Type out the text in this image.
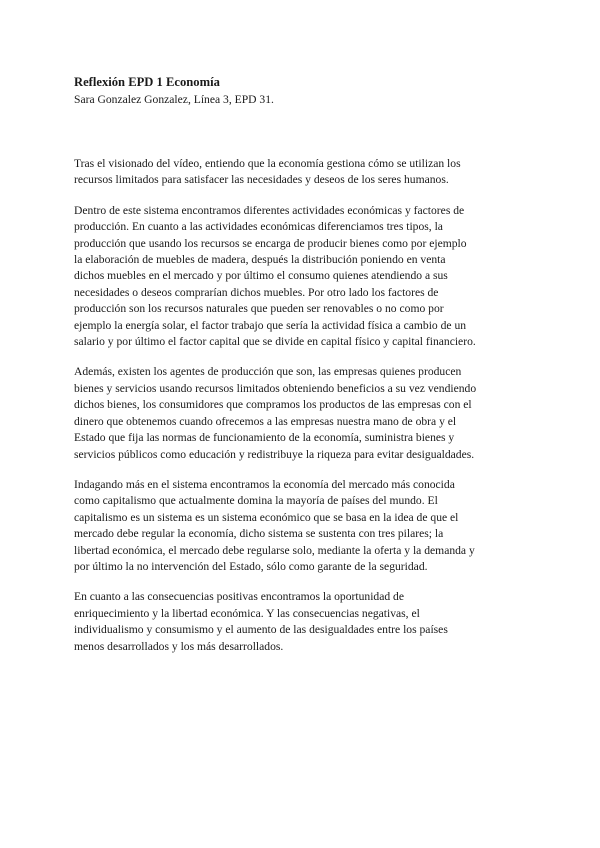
Reflexión EPD 1 Economía

Sara Gonzalez Gonzalez, Línea 3, EPD 31.

Tras el visionado del vídeo, entiendo que la economía gestiona cómo se utilizan los
recursos limitados para satisfacer las necesidades y deseos de los seres humanos.

Dentro de este sistema encontramos diferentes actividades económicas y factores de
producción. En cuanto a las actividades económicas diferenciamos tres tipos, la
producción que usando los recursos se encarga de producir bienes como por ejemplo
la elaboración de muebles de madera, después la distribución poniendo en venta
dichos muebles en el mercado y por último el consumo quienes atendiendo a sus
necesidades o deseos comprarían dichos muebles. Por otro lado los factores de
producción son los recursos naturales que pueden ser renovables o no como por
ejemplo la energía solar, el factor trabajo que sería la actividad física a cambio de un
salario y por último el factor capital que se divide en capital físico y capital financiero.

Además, existen los agentes de producción que son, las empresas quienes producen
bienes y servicios usando recursos limitados obteniendo beneficios a su vez vendiendo
dichos bienes, los consumidores que compramos los productos de las empresas con el
dinero que obtenemos cuando ofrecemos a las empresas nuestra mano de obra y el
Estado que fija las normas de funcionamiento de la economía, suministra bienes y
servicios públicos como educación y redistribuye la riqueza para evitar desigualdades.

Indagando más en el sistema encontramos la economía del mercado más conocida
como capitalismo que actualmente domina la mayoría de países del mundo. El
capitalismo es un sistema es un sistema económico que se basa en la idea de que el
mercado debe regular la economía, dicho sistema se sustenta con tres pilares; la
libertad económica, el mercado debe regularse solo, mediante la oferta y la demanda y
por último la no intervención del Estado, sólo como garante de la seguridad.

En cuanto a las consecuencias positivas encontramos la oportunidad de
enriquecimiento y la libertad económica. Y las consecuencias negativas, el
individualismo y consumismo y el aumento de las desigualdades entre los países
menos desarrollados y los más desarrollados.
